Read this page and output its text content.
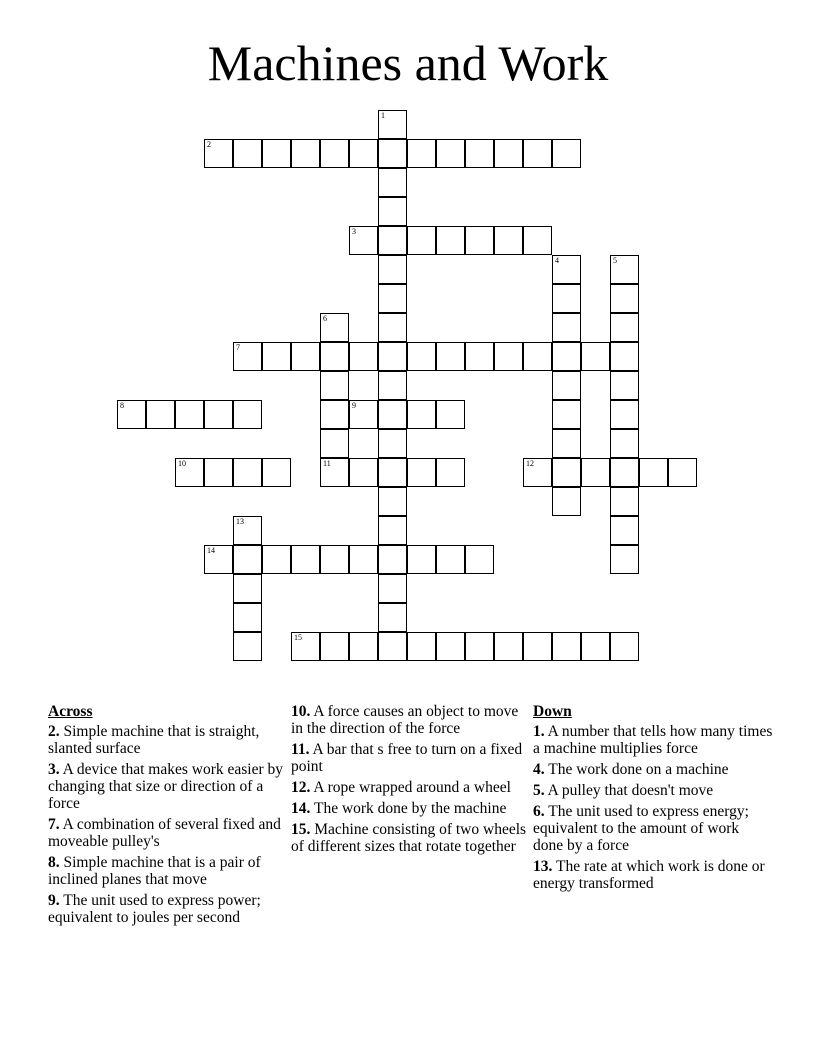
Machines and Work
1
2
3
4	5
6
11
7
8	9
10	12
13
14
15
Across
2. Simple machine that is straight, slanted surface
3. A device that makes work easier by changing that size or direction of a force
7. A combination of several fixed and moveable pulley's
8. Simple machine that is a pair of inclined planes that move
9. The unit used to express power; equivalent to joules per second
10. A force causes an object to move in the direction of the force
11. A bar that s free to turn on a fixed point
12. A rope wrapped around a wheel
14. The work done by the machine
15. Machine consisting of two wheels of different sizes that rotate together
Down
1. A number that tells how many times a machine multiplies force
4. The work done on a machine
5. A pulley that doesn't move
6. The unit used to express energy; equivalent to the amount of work done by a force
13. The rate at which work is done or energy transformed
